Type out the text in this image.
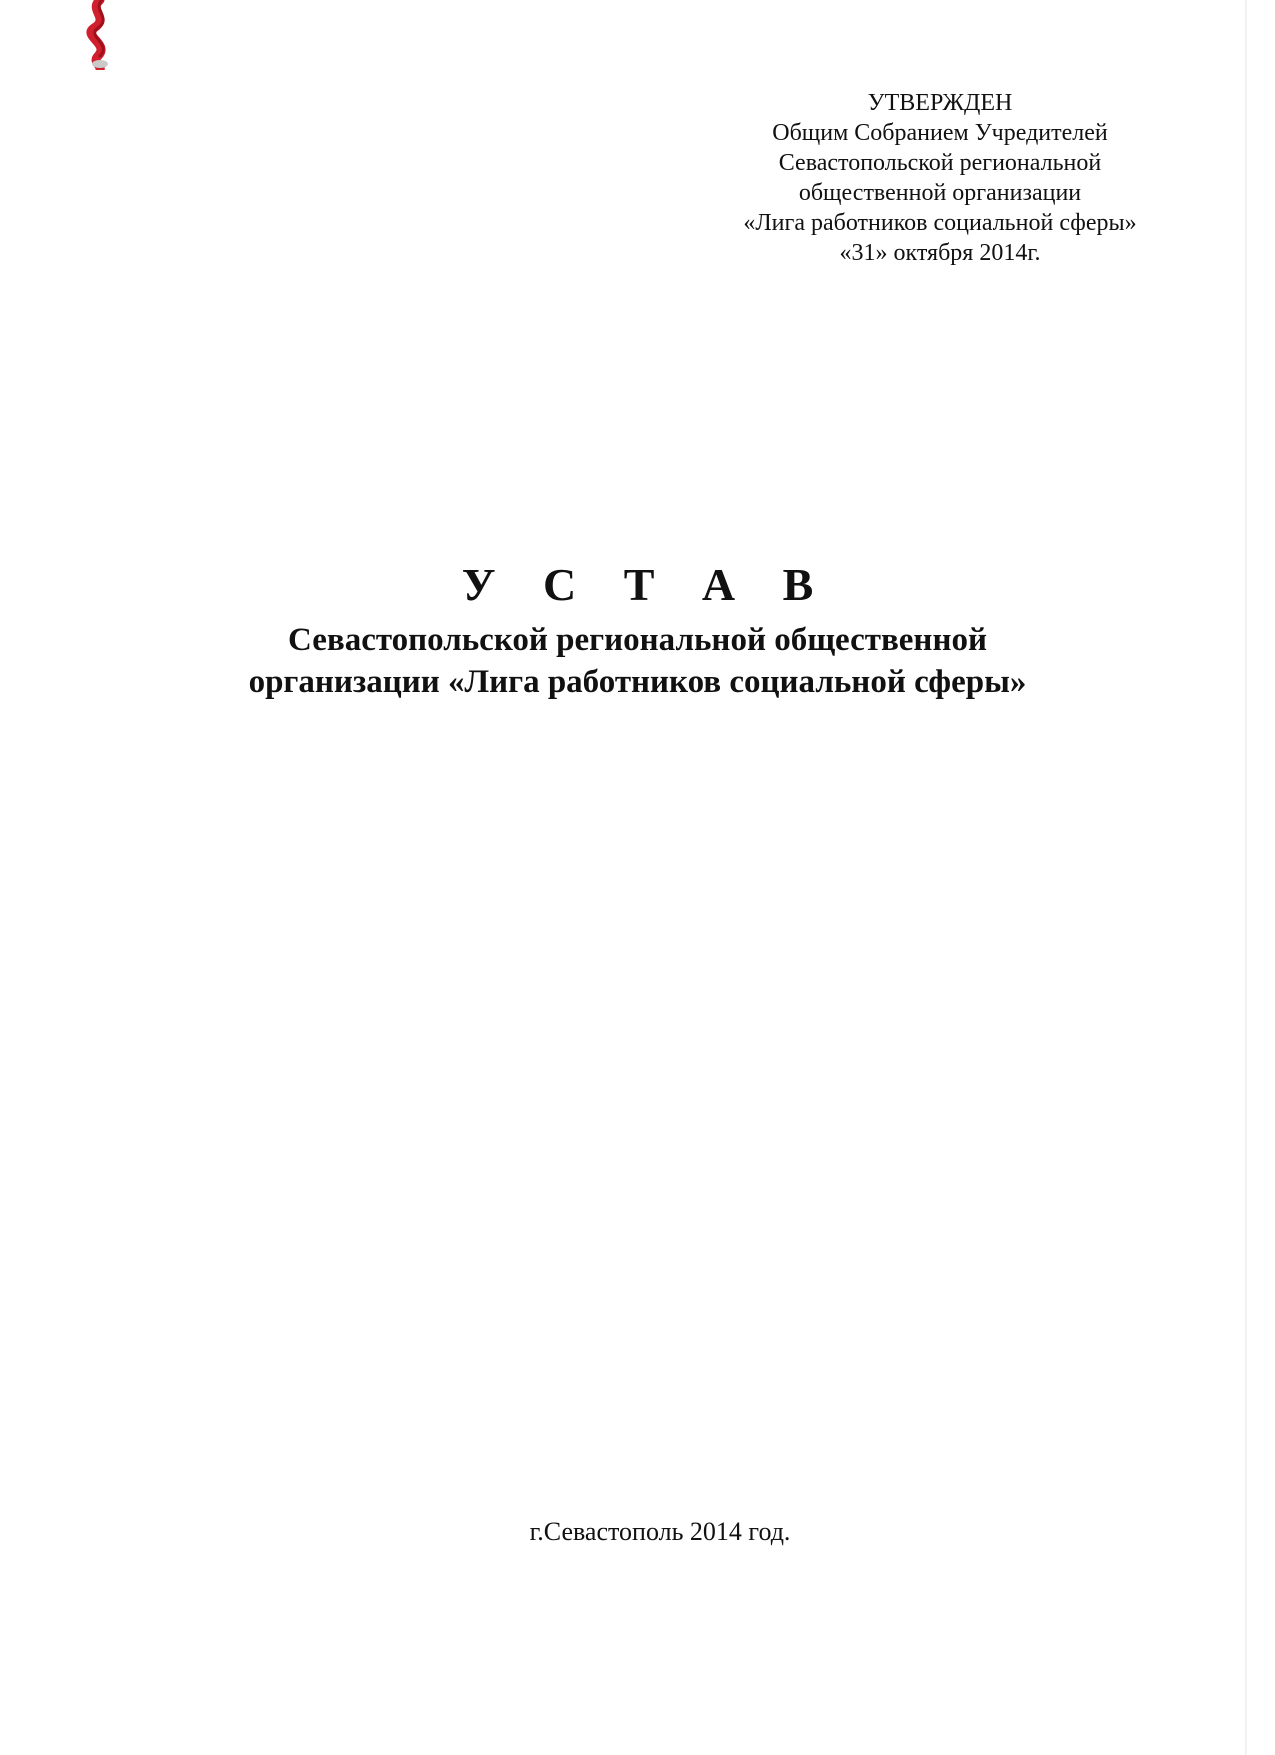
УТВЕРЖДЕН
Общим Собранием Учредителей
Севастопольской региональной
общественной организации
«Лига работников социальной сферы»
«31» октября 2014г.
У С Т А В
Севастопольской региональной общественной
организации «Лига работников социальной сферы»
г.Севастополь 2014 год.
